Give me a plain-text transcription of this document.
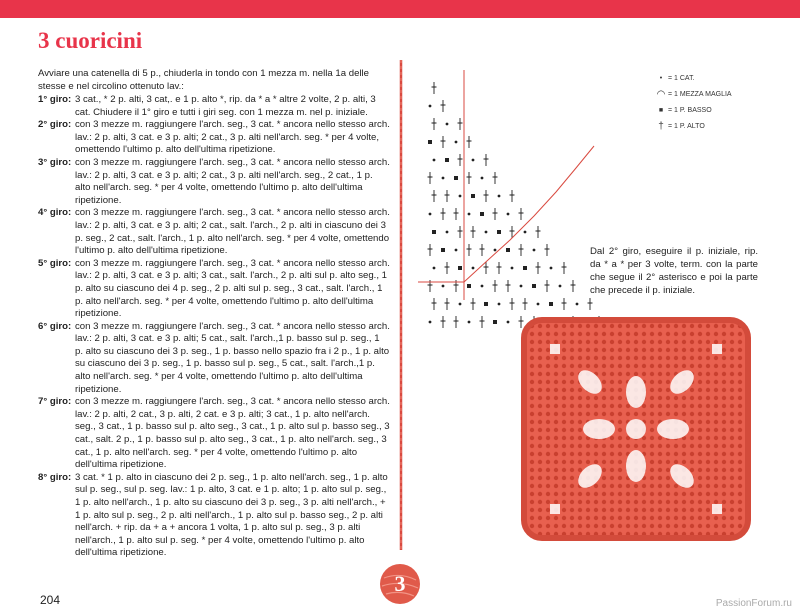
3 cuoricini

Avviare una catenella di 5 p., chiuderla in tondo con 1 mezza m. nella 1a delle stesse e nel circolino ottenuto lav.:

1° giro: 3 cat., * 2 p. alti, 3 cat,. e 1 p. alto *, rip. da * a * altre 2 volte, 2 p. alti, 3 cat. Chiudere il 1° giro e tutti i giri seg. con 1 mezza m. nel p. iniziale.
2° giro: con 3 mezze m. raggiungere l'arch. seg., 3 cat. * ancora nello stesso arch. lav.: 2 p. alti, 3 cat. e 3 p. alti; 2 cat., 3 p. alti nell'arch. seg. * per 4 volte, omettendo l'ultimo p. alto dell'ultima ripetizione.
3° giro: con 3 mezze m. raggiungere l'arch. seg., 3 cat. * ancora nello stesso arch. lav.: 2 p. alti, 3 cat. e 3 p. alti; 2 cat., 3 p. alti nell'arch. seg., 2 cat., 1 p. alto nell'arch. seg. * per 4 volte, omettendo l'ultimo p. alto dell'ultima ripetizione.
4° giro: con 3 mezze m. raggiungere l'arch. seg., 3 cat. * ancora nello stesso arch. lav.: 2 p. alti, 3 cat. e 3 p. alti; 2 cat., salt. l'arch., 2 p. alti in ciascuno dei 3 p. seg., 2 cat., salt. l'arch., 1 p. alto nell'arch. seg. * per 4 volte, omettendo l'ultimo p. alto dell'ultima ripetizione.
5° giro: con 3 mezze m. raggiungere l'arch. seg., 3 cat. * ancora nello stesso arch. lav.: 2 p. alti, 3 cat. e 3 p. alti; 3 cat., salt. l'arch., 2 p. alti sul p. alto seg., 1 p. alto su ciascuno dei 4 p. seg., 2 p. alti sul p. seg., 3 cat., salt. l'arch., 1 p. alto nell'arch. seg. * per 4 volte, omettendo l'ultimo p. alto dell'ultima ripetizione.
6° giro: con 3 mezze m. raggiungere l'arch. seg., 3 cat. * ancora nello stesso arch. lav.: 2 p. alti, 3 cat. e 3 p. alti; 5 cat., salt. l'arch.,1 p. basso sul p. seg., 1 p. alto su ciascuno dei 3 p. seg., 1 p. basso nello spazio fra i 2 p., 1 p. alto su ciascuno dei 3 p. seg., 1 p. basso sul p. seg., 5 cat., salt. l'arch.,1 p. alto nell'arch. seg. * per 4 volte, omettendo l'ultimo p. alto dell'ultima ripetizione.
7° giro: con 3 mezze m. raggiungere l'arch. seg., 3 cat. * ancora nello stesso arch. lav.: 2 p. alti, 2 cat., 3 p. alti, 2 cat. e 3 p. alti; 3 cat., 1 p. alto nell'arch. seg., 3 cat., 1 p. basso sul p. alto seg., 3 cat., 1 p. alto sul p. basso seg., 3 cat., salt. 2 p., 1 p. basso sul p. alto seg., 3 cat., 1 p. alto nell'arch. seg., 3 cat., 1 p. alto nell'arch. seg. * per 4 volte, omettendo l'ultimo p. alto dell'ultima ripetizione.
8° giro: 3 cat. * 1 p. alto in ciascuno dei 2 p. seg., 1 p. alto nell'arch. seg., 1 p. alto sul p. seg., sul p. seg. lav.: 1 p. alto, 3 cat. e 1 p. alto; 1 p. alto sul p. seg., 1 p. alto nell'arch., 1 p. alto su ciascuno dei 3 p. seg., 3 p. alti nell'arch., + 1 p. alto sul p. seg., 2 p. alti nell'arch., 1 p. alto sul p. basso seg., 2 p. alti nell'arch. + rip. da + a + ancora 1 volta, 1 p. alto sul p. seg., 3 p. alti nell'arch., 1 p. alto sul p. seg. * per 4 volte, omettendo l'ultimo p. alto dell'ultima ripetizione.
3
• = 1 CAT.
◠ = 1 MEZZA MAGLIA
■ = 1 P. BASSO
† = 1 P. ALTO

Dal 2° giro, eseguire il p. iniziale, rip. da * a * per 3 volte, term. con la parte che segue il 2° asterisco e poi la parte che precede il p. iniziale.

204	PassionForum.ru
